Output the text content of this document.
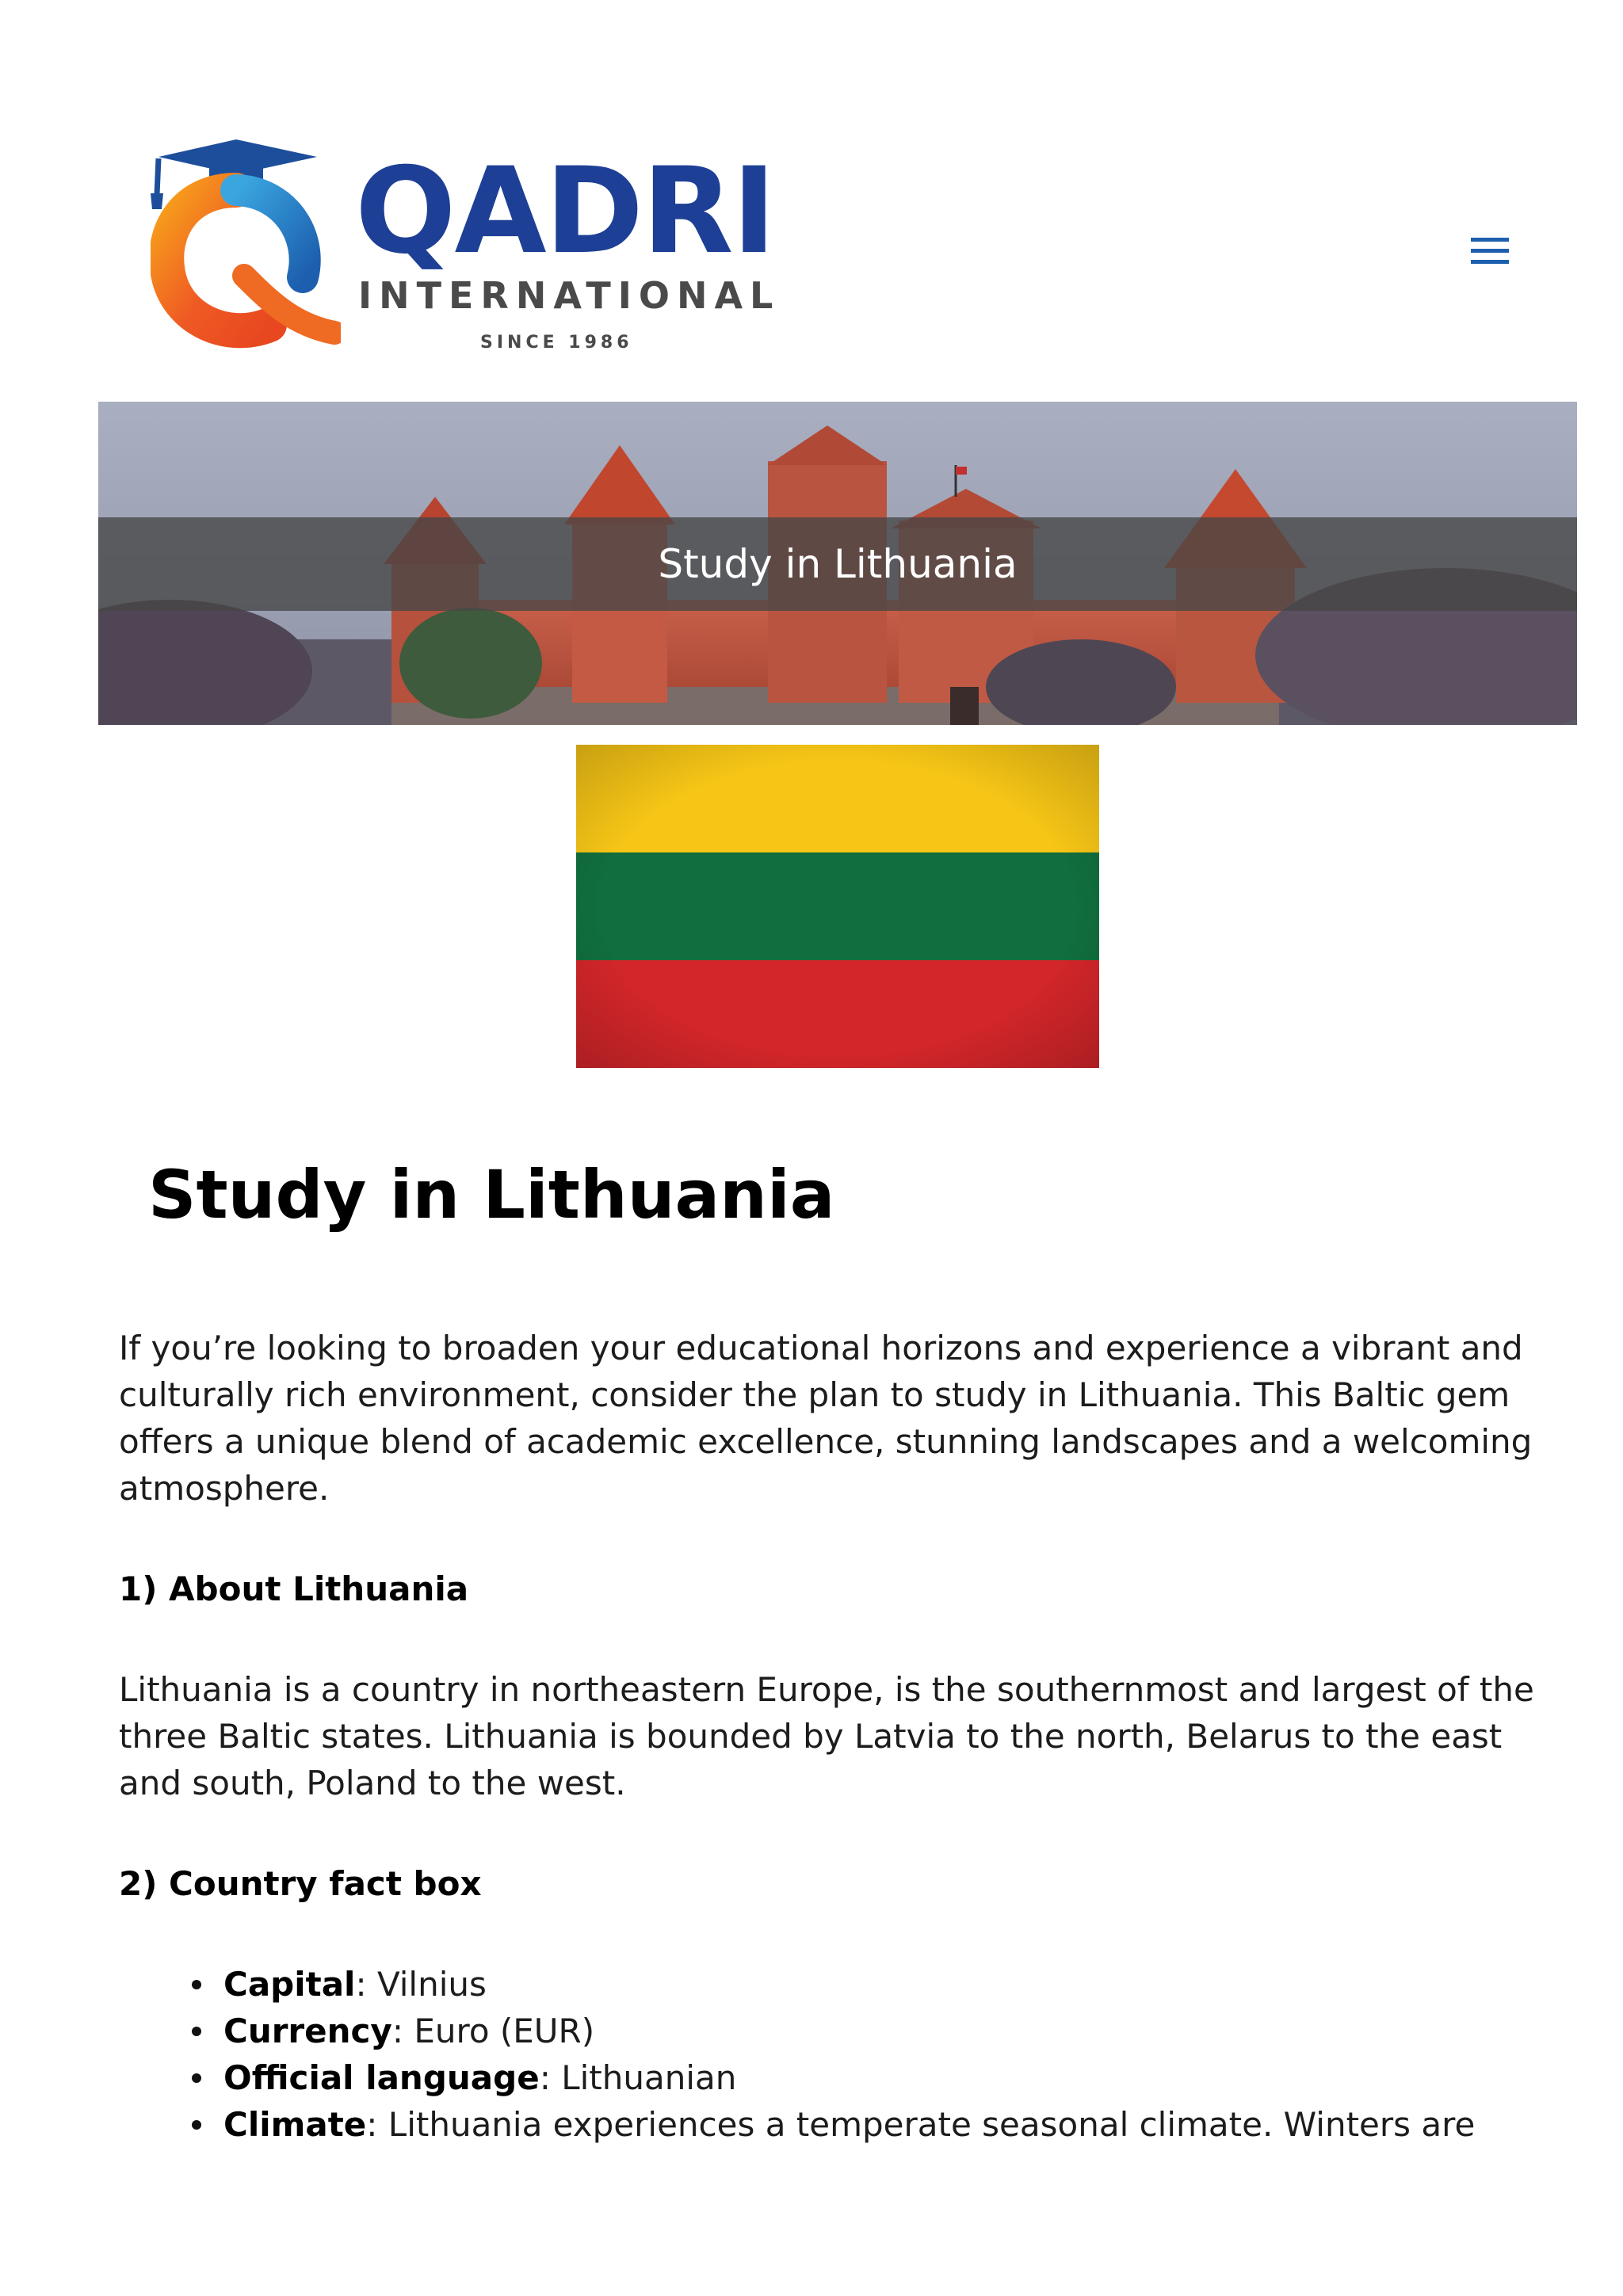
QADRI
INTERNATIONAL
SINCE 1986
Study in Lithuania
Study in Lithuania

If you’re looking to broaden your educational horizons and experience a vibrant and culturally rich environment, consider the plan to study in Lithuania. This Baltic gem offers a unique blend of academic excellence, stunning landscapes and a welcoming atmosphere.

1) About Lithuania

Lithuania is a country in northeastern Europe, is the southernmost and largest of the three Baltic states. Lithuania is bounded by Latvia to the north, Belarus to the east and south, Poland to the west.

2) Country fact box

Capital: Vilnius
Currency: Euro (EUR)
Official language: Lithuanian
Climate: Lithuania experiences a temperate seasonal climate. Winters are
